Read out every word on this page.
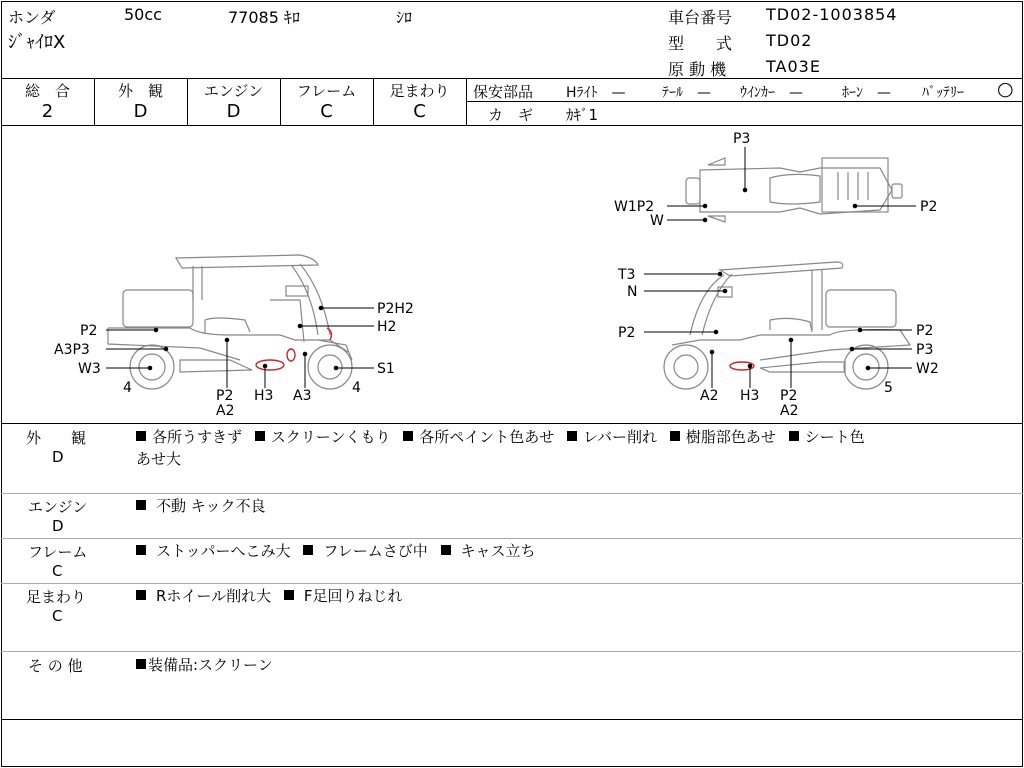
ホンダ	50cc	77085 ｷﾛ	ｼﾛ
ｼﾞｬｲﾛX
車台番号 TD02-1003854
型　　式 TD02
原 動 機 TA03E
総　合
2
外　観
D
エンジン
D
フレーム
C
足まわり
C
保安部品 Hﾗｲﾄ　—	ﾃｰﾙ　— ｳｲﾝｶｰ　—	ﾎｰﾝ　— ﾊﾞｯﾃﾘｰ ○
カ　ギ ｶｷﾞ1
P2
A3P3
W3
4	P2
A2
H3 A3	4
S1
P2H2
H2
P3
W1P2
W
P2
T3
N
P2
A2 H3 P2
A2
P2
P3
W2
5
外　　観
D
各所うすきず スクリーンくもり 各所ペイント色あせ レバー削れ 樹脂部色あせ シート色
あせ大
エンジン
D
不動 キック不良
フレーム
C
ストッパーへこみ大 フレームさび中 キャス立ち
足まわり
C
Rホイール削れ大 F足回りねじれ
そ の 他	装備品:スクリーン
